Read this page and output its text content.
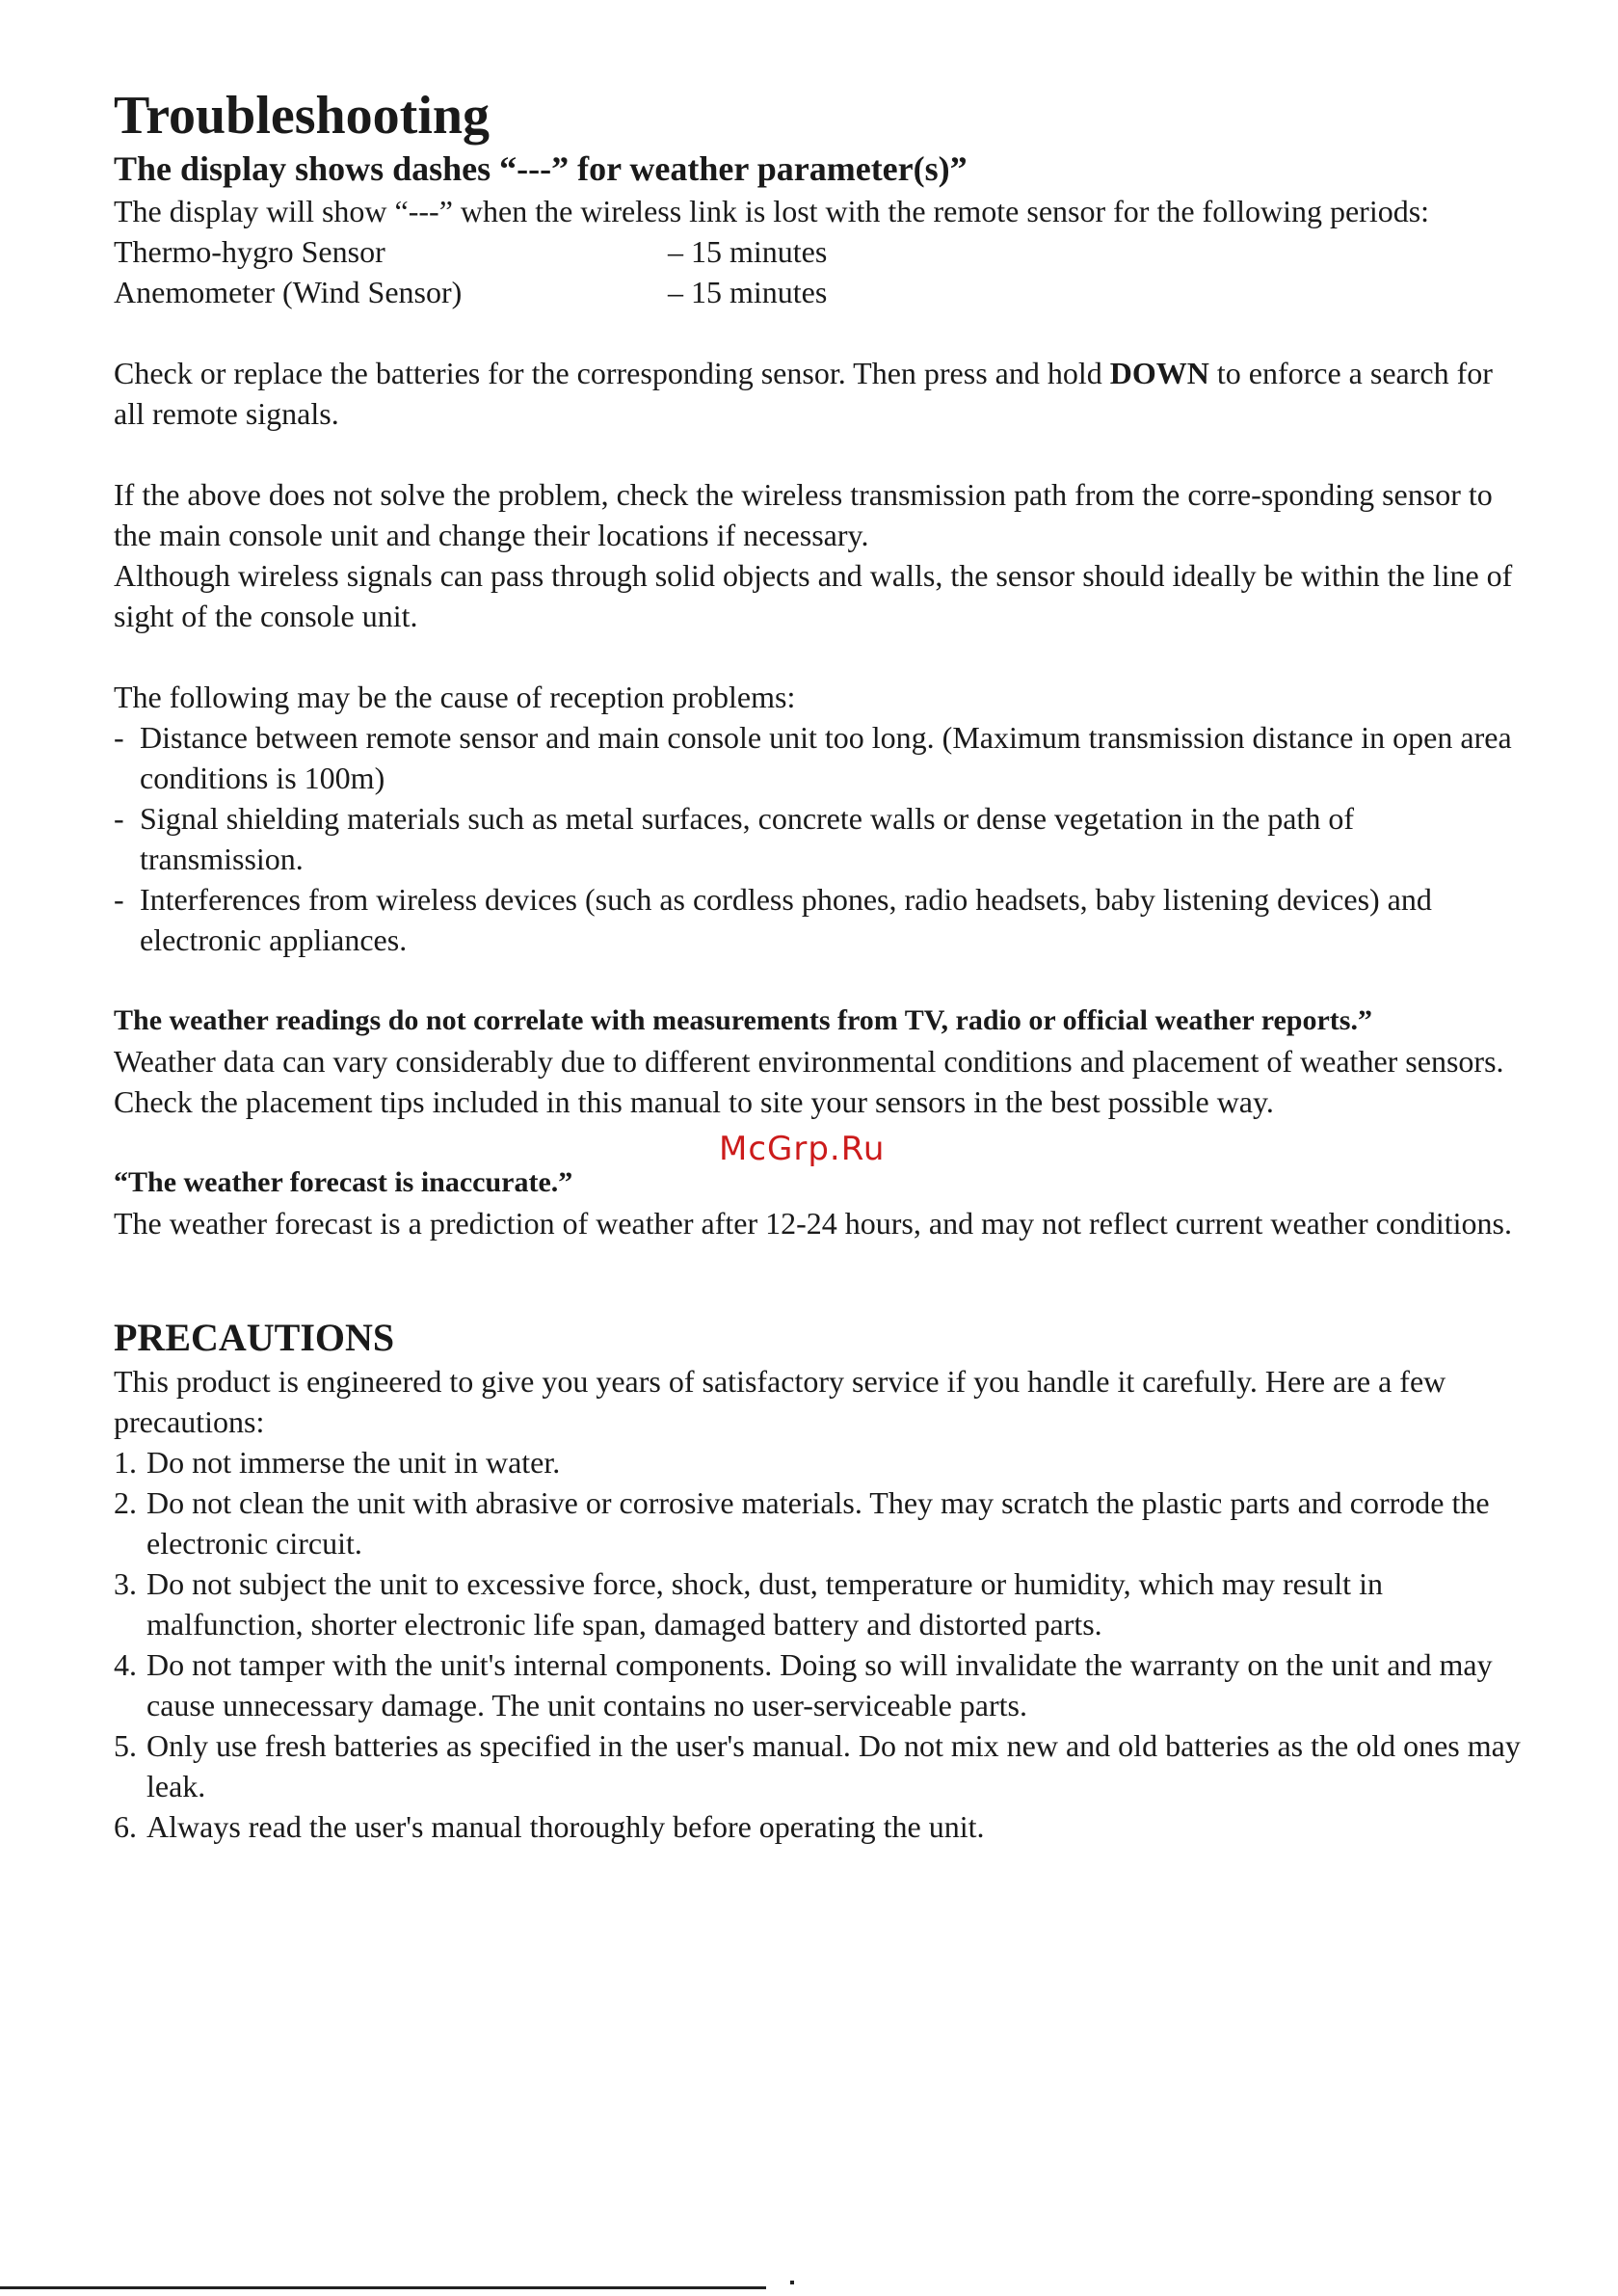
Troubleshooting
The display shows dashes “---” for weather parameter(s)”

The display will show “---” when the wireless link is lost with the remote sensor for the following periods:

Thermo-hygro Sensor	– 15 minutes
Anemometer (Wind Sensor)	– 15 minutes

Check or replace the batteries for the corresponding sensor. Then press and hold DOWN to enforce a search for all remote signals.

If the above does not solve the problem, check the wireless transmission path from the corre-sponding sensor to the main console unit and change their locations if necessary.

Although wireless signals can pass through solid objects and walls, the sensor should ideally be within the line of sight of the console unit.

The following may be the cause of reception problems:

- Distance between remote sensor and main console unit too long. (Maximum transmission distance in open area conditions is 100m)
- Signal shielding materials such as metal surfaces, concrete walls or dense vegetation in the path of transmission.
- Interferences from wireless devices (such as cordless phones, radio headsets, baby listening devices) and electronic appliances.

The weather readings do not correlate with measurements from TV, radio or official weather reports.”

Weather data can vary considerably due to different environmental conditions and placement of weather sensors.

Check the placement tips included in this manual to site your sensors in the best possible way.

“The weather forecast is inaccurate.”

The weather forecast is a prediction of weather after 12-24 hours, and may not reflect current weather conditions.

PRECAUTIONS

This product is engineered to give you years of satisfactory service if you handle it carefully. Here are a few precautions:

1. Do not immerse the unit in water.
2. Do not clean the unit with abrasive or corrosive materials. They may scratch the plastic parts and corrode the electronic circuit.
3. Do not subject the unit to excessive force, shock, dust, temperature or humidity, which may result in malfunction, shorter electronic life span, damaged battery and distorted parts.
4. Do not tamper with the unit's internal components. Doing so will invalidate the warranty on the unit and may cause unnecessary damage. The unit contains no user-serviceable parts.
5. Only use fresh batteries as specified in the user's manual. Do not mix new and old batteries as the old ones may leak.
6. Always read the user's manual thoroughly before operating the unit.
McGrp.Ru
